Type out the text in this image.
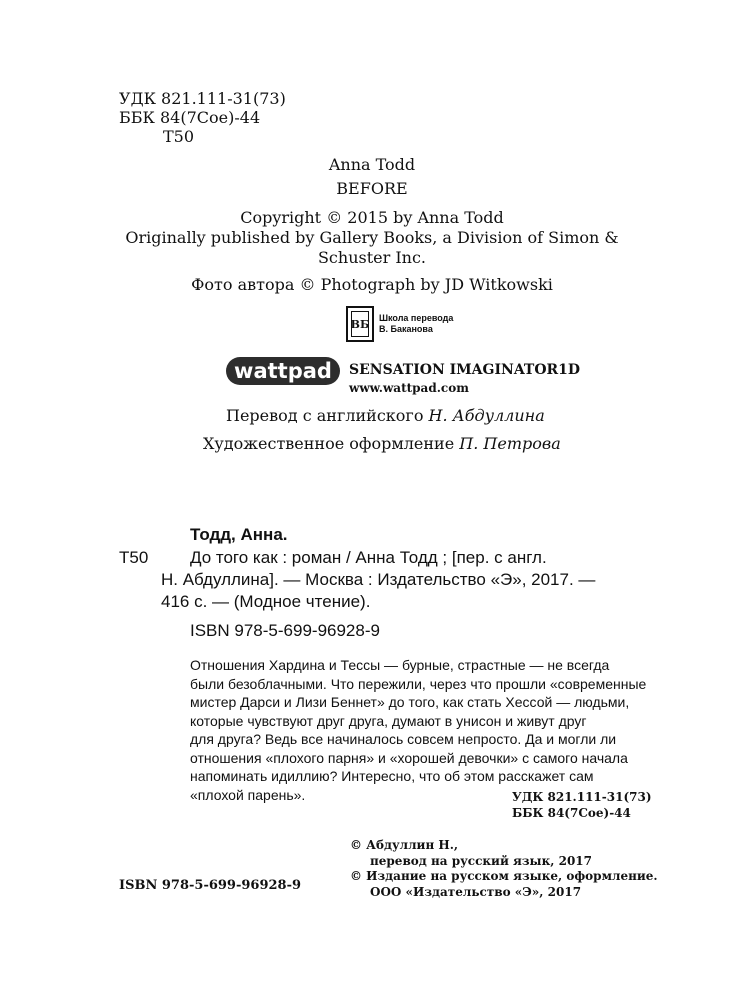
УДК 821.111-31(73)
ББК 84(7Сое)-44
Т50
Anna Todd
BEFORE
Copyright © 2015 by Anna Todd
Originally published by Gallery Books, a Division of Simon &
Schuster Inc.
Фото автора © Photograph by JD Witkowski
ВБ Школа перевода
В. Баканова
wattpad	SENSATION IMAGINATOR1D
www.wattpad.com
Перевод с английского Н. Абдуллина
Художественное оформление П. Петрова
Тодд, Анна.
Т50 До того как : роман / Анна Тодд ; [пер. с англ.
Н. Абдуллина]. — Москва : Издательство «Э», 2017. —
416 с. — (Модное чтение).
ISBN 978-5-699-96928-9
Отношения Хардина и Тессы — бурные, страстные — не всегда
были безоблачными. Что пережили, через что прошли «современные
мистер Дарси и Лизи Беннет» до того, как стать Хессой — людьми,
которые чувствуют друг друга, думают в унисон и живут друг
для друга? Ведь все начиналось совсем непросто. Да и могли ли
отношения «плохого парня» и «хорошей девочки» с самого начала
напоминать идиллию? Интересно, что об этом расскажет сам
«плохой парень».	УДК 821.111-31(73)
ББК 84(7Сое)-44
© Абдуллин Н.,
перевод на русский язык, 2017
© Издание на русском языке, оформление.
ООО «Издательство «Э», 2017
ISBN 978-5-699-96928-9
